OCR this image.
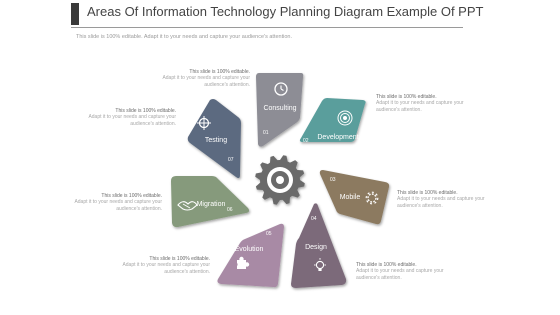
Areas Of Information Technology Planning Diagram Example Of PPT
This slide is 100% editable. Adapt it to your needs and capture your audience's attention.
This slide is 100% editable.
Adapt it to your needs and capture your audience's attention.
This slide is 100% editable.
Adapt it to your needs and capture your audience's attention.
This slide is 100% editable.
Adapt it to your needs and capture your audience's attention.
This slide is 100% editable.
Adapt it to your needs and capture your audience's attention.
This slide is 100% editable.
Adapt it to your needs and capture your audience's attention.
This slide is 100% editable.
Adapt it to your needs and capture your audience's attention.
This slide is 100% editable.
Adapt it to your needs and capture your audience's attention.
Consulting
01
Development
02
Mobile
03
Design
04
Evolution
05
Migration
06
Testing
07
